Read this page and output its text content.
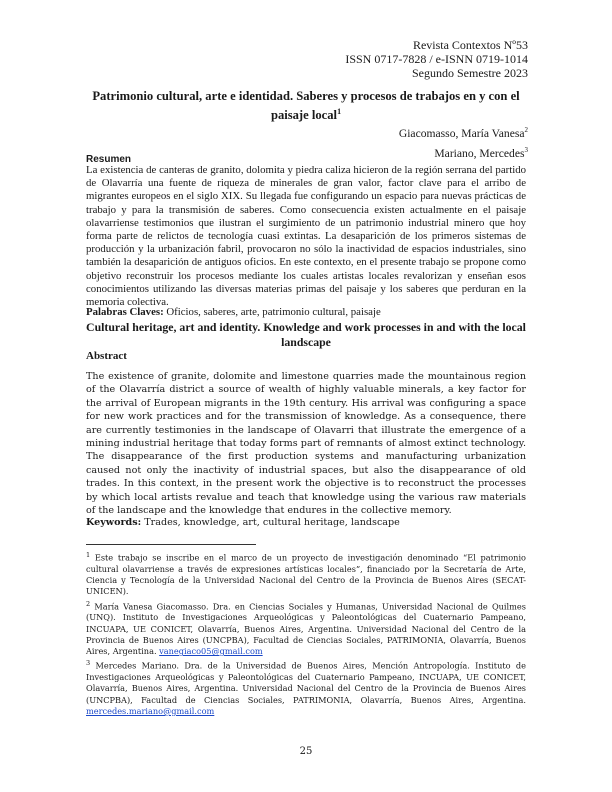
Revista Contextos Nº53
ISSN 0717-7828 / e-ISNN 0719-1014
Segundo Semestre 2023
Patrimonio cultural, arte e identidad. Saberes y procesos de trabajos en y con el paisaje local$^1$
Giacomasso, María Vanesa$^2$
Mariano, Mercedes$^3$
Resumen
La existencia de canteras de granito, dolomita y piedra caliza hicieron de la región serrana del partido de Olavarría una fuente de riqueza de minerales de gran valor, factor clave para el arribo de migrantes europeos en el siglo XIX. Su llegada fue configurando un espacio para nuevas prácticas de trabajo y para la transmisión de saberes. Como consecuencia existen actualmente en el paisaje olavarriense testimonios que ilustran el surgimiento de un patrimonio industrial minero que hoy forma parte de relictos de tecnología cuasi extintas. La desaparición de los primeros sistemas de producción y la urbanización fabril, provocaron no sólo la inactividad de espacios industriales, sino también la desaparición de antiguos oficios. En este contexto, en el presente trabajo se propone como objetivo reconstruir los procesos mediante los cuales artistas locales revalorizan y enseñan esos conocimientos utilizando las diversas materias primas del paisaje y los saberes que perduran en la memoria colectiva.
Palabras Claves: Oficios, saberes, arte, patrimonio cultural, paisaje
Cultural heritage, art and identity. Knowledge and work processes in and with the local landscape
Abstract
The existence of granite, dolomite and limestone quarries made the mountainous region of the Olavarría district a source of wealth of highly valuable minerals, a key factor for the arrival of European migrants in the 19th century. His arrival was configuring a space for new work practices and for the transmission of knowledge. As a consequence, there are currently testimonies in the landscape of Olavarri that illustrate the emergence of a mining industrial heritage that today forms part of remnants of almost extinct technology. The disappearance of the first production systems and manufacturing urbanization caused not only the inactivity of industrial spaces, but also the disappearance of old trades. In this context, in the present work the objective is to reconstruct the processes by which local artists revalue and teach that knowledge using the various raw materials of the landscape and the knowledge that endures in the collective memory.
Keywords: Trades, knowledge, art, cultural heritage, landscape

$^1$ Este trabajo se inscribe en el marco de un proyecto de investigación denominado “El patrimonio cultural olavarriense a través de expresiones artísticas locales”, financiado por la Secretaría de Arte, Ciencia y Tecnología de la Universidad Nacional del Centro de la Provincia de Buenos Aires (SECAT-UNICEN).

$^2$ María Vanesa Giacomasso. Dra. en Ciencias Sociales y Humanas, Universidad Nacional de Quilmes (UNQ). Instituto de Investigaciones Arqueológicas y Paleontológicas del Cuaternario Pampeano, INCUAPA, UE CONICET, Olavarría, Buenos Aires, Argentina. Universidad Nacional del Centro de la Provincia de Buenos Aires (UNCPBA), Facultad de Ciencias Sociales, PATRIMONIA, Olavarría, Buenos Aires, Argentina. vanegiaco05@gmail.com

$^3$ Mercedes Mariano. Dra. de la Universidad de Buenos Aires, Mención Antropología. Instituto de Investigaciones Arqueológicas y Paleontológicas del Cuaternario Pampeano, INCUAPA, UE CONICET, Olavarría, Buenos Aires, Argentina. Universidad Nacional del Centro de la Provincia de Buenos Aires (UNCPBA), Facultad de Ciencias Sociales, PATRIMONIA, Olavarría, Buenos Aires, Argentina. mercedes.mariano@gmail.com

25
